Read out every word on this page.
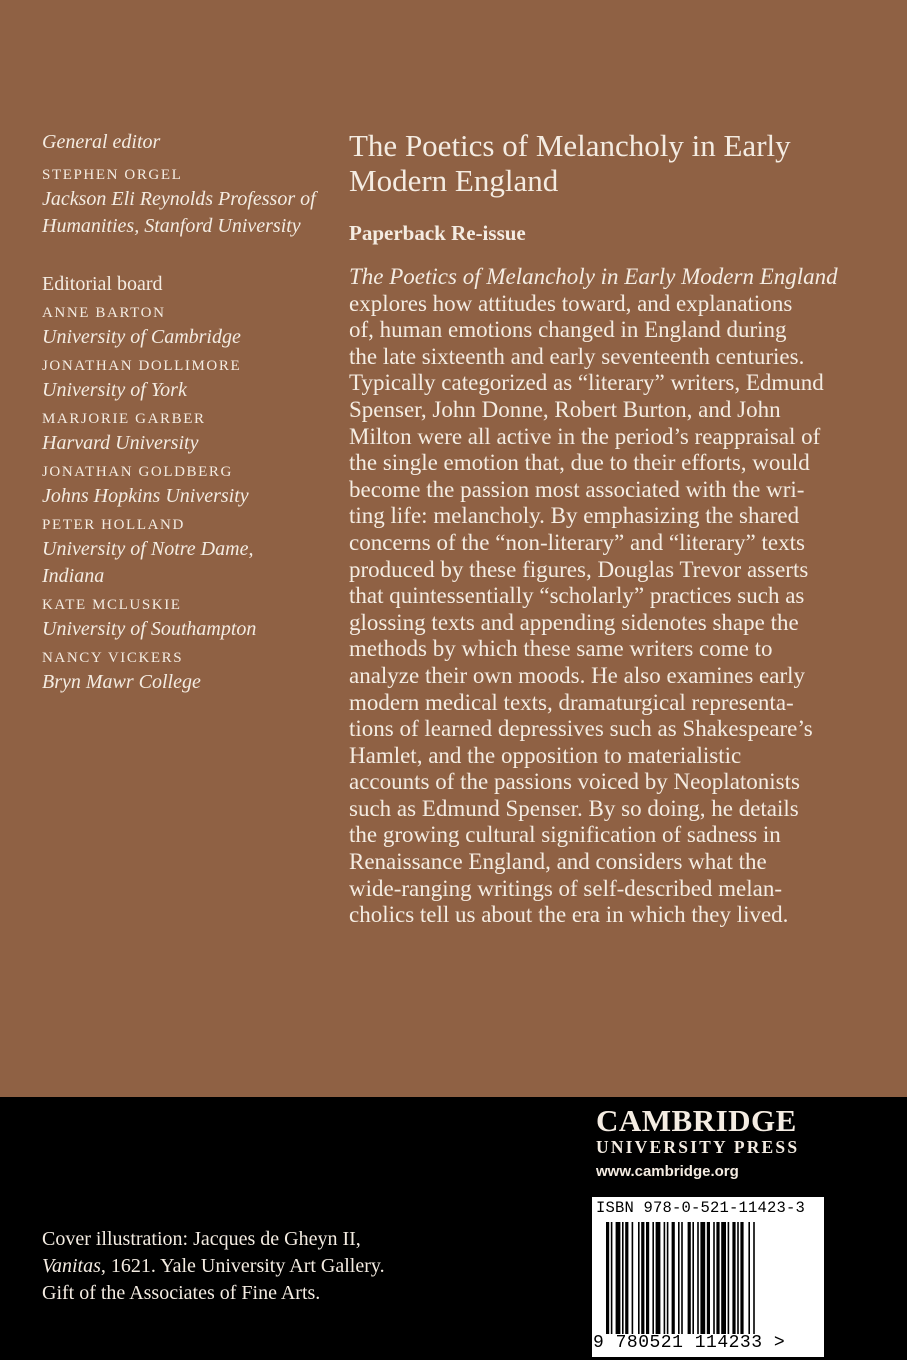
General editor
STEPHEN ORGEL
Jackson Eli Reynolds Professor of
Humanities, Stanford University
Editorial board
ANNE BARTON
University of Cambridge
JONATHAN DOLLIMORE
University of York
MARJORIE GARBER
Harvard University
JONATHAN GOLDBERG
Johns Hopkins University
PETER HOLLAND
University of Notre Dame,
Indiana
KATE MCLUSKIE
University of Southampton
NANCY VICKERS
Bryn Mawr College
The Poetics of Melancholy in Early
Modern England
Paperback Re-issue
The Poetics of Melancholy in Early Modern England
explores how attitudes toward, and explanations
of, human emotions changed in England during
the late sixteenth and early seventeenth centuries.
Typically categorized as “literary” writers, Edmund
Spenser, John Donne, Robert Burton, and John
Milton were all active in the period’s reappraisal of
the single emotion that, due to their efforts, would
become the passion most associated with the wri-
ting life: melancholy. By emphasizing the shared
concerns of the “non-literary” and “literary” texts
produced by these figures, Douglas Trevor asserts
that quintessentially “scholarly” practices such as
glossing texts and appending sidenotes shape the
methods by which these same writers come to
analyze their own moods. He also examines early
modern medical texts, dramaturgical representa-
tions of learned depressives such as Shakespeare’s
Hamlet, and the opposition to materialistic
accounts of the passions voiced by Neoplatonists
such as Edmund Spenser. By so doing, he details
the growing cultural signification of sadness in
Renaissance England, and considers what the
wide-ranging writings of self-described melan-
cholics tell us about the era in which they lived.
CAMBRIDGE
UNIVERSITY PRESS
www.cambridge.org
ISBN 978-0-521-11423-3
9 780521 114233 >
Cover illustration: Jacques de Gheyn II,
Vanitas, 1621. Yale University Art Gallery.
Gift of the Associates of Fine Arts.
